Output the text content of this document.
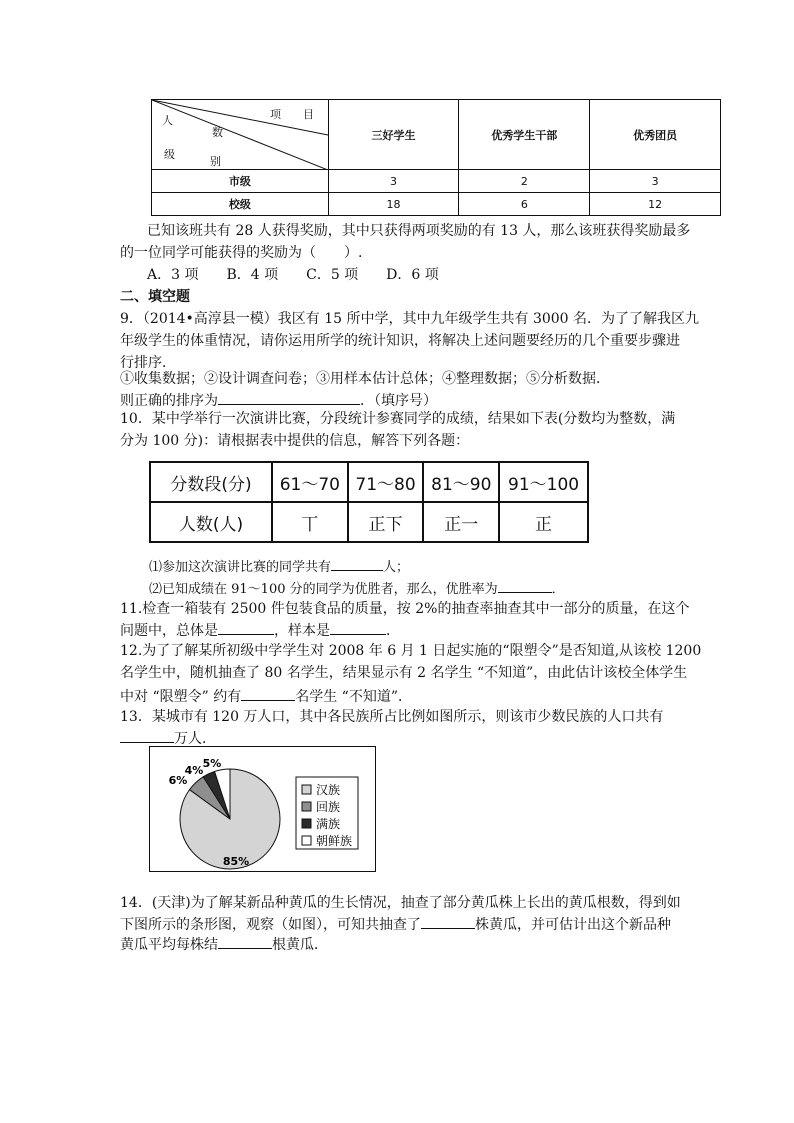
项　　目
人
数
级
别	三好学生	优秀学生干部	优秀团员
市级	3	2	3
校级	18	6	12
已知该班共有 28 人获得奖励，其中只获得两项奖励的有 13 人，那么该班获得奖励最多
的一位同学可能获得的奖励为（　　）.
A．3 项　　B．4 项　　C．5 项　　D．6 项
二、填空题
9．（2014•高淳县一模）我区有 15 所中学，其中九年级学生共有 3000 名．为了了解我区九
年级学生的体重情况，请你运用所学的统计知识，将解决上述问题要经历的几个重要步骤进
行排序．
①收集数据；②设计调查问卷；③用样本估计总体；④整理数据；⑤分析数据．
则正确的排序为	．（填序号）
10．某中学举行一次演讲比赛，分段统计参赛同学的成绩，结果如下表(分数均为整数，满
分为 100 分)：请根据表中提供的信息，解答下列各题：
分数段(分)	61～70	71～80	81～90	91～100
人数(人)	丅	正下	正一	正
⑴参加这次演讲比赛的同学共有	人；
⑵已知成绩在 91～100 分的同学为优胜者，那么，优胜率为	．
11.检查一箱装有 2500 件包装食品的质量，按 2%的抽查率抽查其中一部分的质量，在这个
问题中，总体是	，样本是	．
12.为了了解某所初级中学学生对 2008 年 6 月 1 日起实施的“限塑令”是否知道,从该校 1200
名学生中，随机抽查了 80 名学生，结果显示有 2 名学生 “不知道”，由此估计该校全体学生
中对 “限塑令” 约有	名学生 “不知道”．
13．某城市有 120 万人口，其中各民族所占比例如图所示，则该市少数民族的人口共有
万人．
85%
6%
4%
5%
汉族
回族
满族
朝鲜族
14．(天津)为了解某新品种黄瓜的生长情况，抽查了部分黄瓜株上长出的黄瓜根数，得到如
下图所示的条形图，观察（如图），可知共抽查了	株黄瓜，并可估计出这个新品种
黄瓜平均每株结	根黄瓜．
